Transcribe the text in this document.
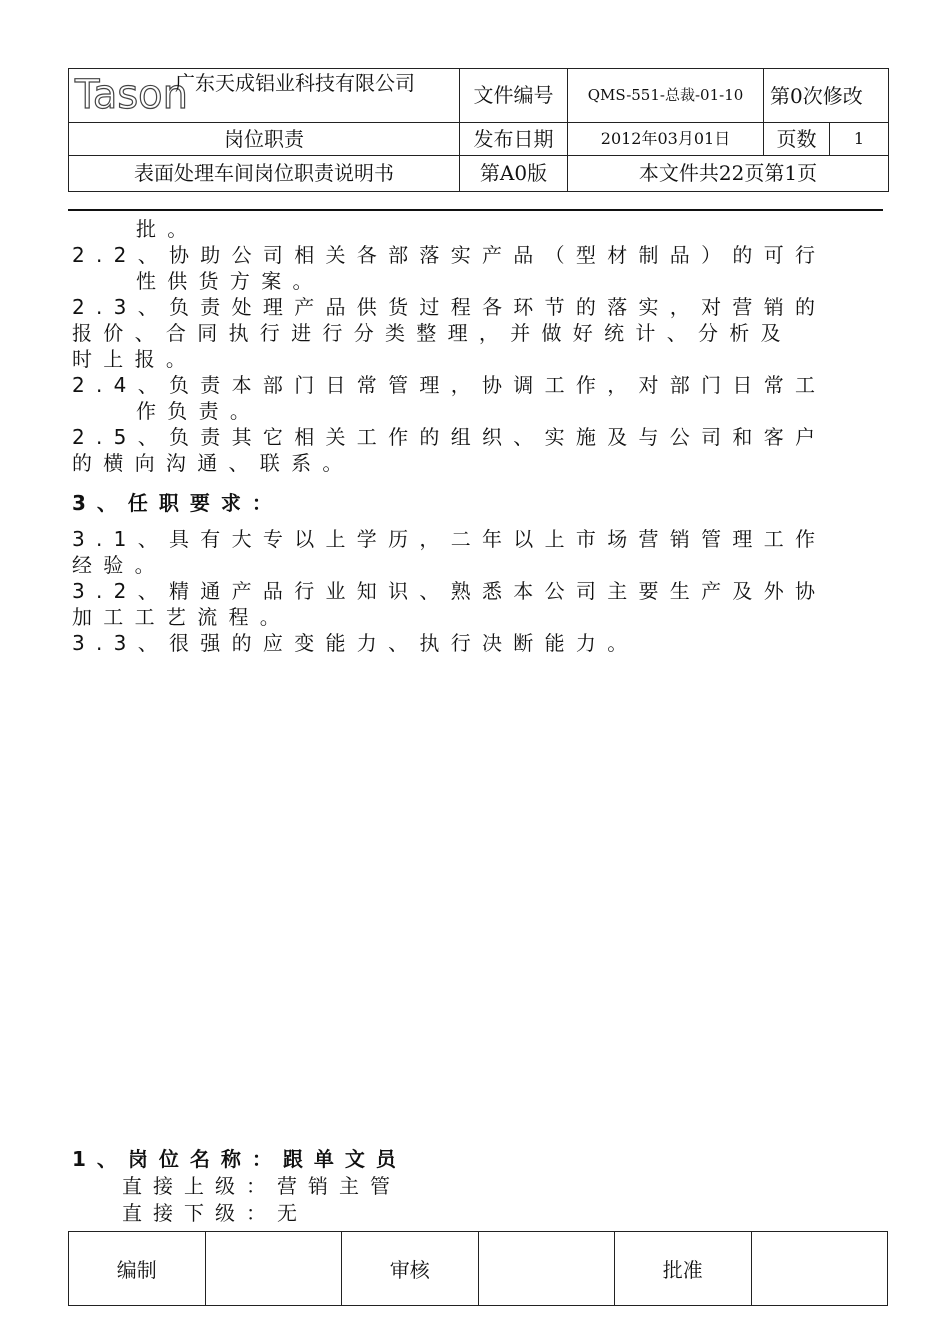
Tason
广东天成铝业科技有限公司	文件编号	QMS-551-总裁-01-10	第0次修改	
岗位职责	发布日期	2012年03月01日	页数	1
表面处理车间岗位职责说明书	第A0版	本文件共22页第1页		

批。

2.2、协助公司相关各部落实产品（型材制品）的可行

性供货方案。

2.3、负责处理产品供货过程各环节的落实，对营销的

报价、合同执行进行分类整理，并做好统计、分析及

时上报。

2.4、负责本部门日常管理，协调工作，对部门日常工

作负责。

2.5、负责其它相关工作的组织、实施及与公司和客户

的横向沟通、联系。

3、任职要求：

3.1、具有大专以上学历，二年以上市场营销管理工作

经验。

3.2、精通产品行业知识、熟悉本公司主要生产及外协

加工工艺流程。

3.3、很强的应变能力、执行决断能力。

1、岗位名称：跟单文员
直接上级：营销主管
直接下级：无
编制		审核		批准	
